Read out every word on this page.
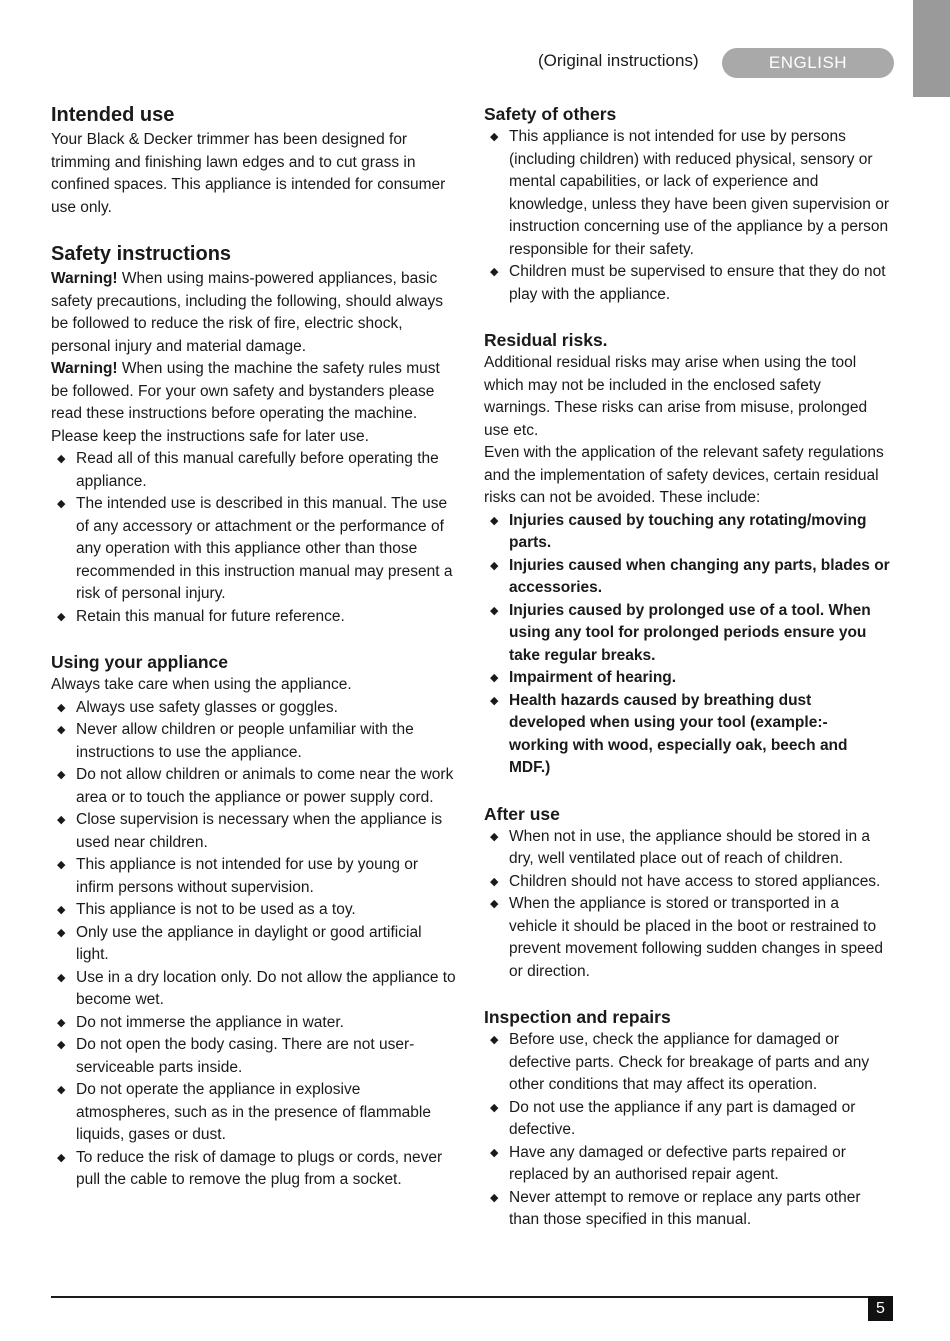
(Original instructions)	ENGLISH
Intended use

Your Black & Decker trimmer has been designed for trimming and finishing lawn edges and to cut grass in confined spaces. This appliance is intended for consumer use only.

Safety instructions

Warning! When using mains-powered appliances, basic safety precautions, including the following, should always be followed to reduce the risk of fire, electric shock, personal injury and material damage.

Warning! When using the machine the safety rules must be followed. For your own safety and bystanders please read these instructions before operating the machine. Please keep the instructions safe for later use.

◆ Read all of this manual carefully before operating the appliance.
◆ The intended use is described in this manual. The use of any accessory or attachment or the performance of any operation with this appliance other than those recommended in this instruction manual may present a risk of personal injury.
◆ Retain this manual for future reference.
Using your appliance

Always take care when using the appliance.

◆ Always use safety glasses or goggles.
◆ Never allow children or people unfamiliar with the instructions to use the appliance.
◆ Do not allow children or animals to come near the work area or to touch the appliance or power supply cord.
◆ Close supervision is necessary when the appliance is used near children.
◆ This appliance is not intended for use by young or infirm persons without supervision.
◆ This appliance is not to be used as a toy.
◆ Only use the appliance in daylight or good artificial light.
◆ Use in a dry location only. Do not allow the appliance to become wet.
◆ Do not immerse the appliance in water.
◆ Do not open the body casing. There are not user-serviceable parts inside.
◆ Do not operate the appliance in explosive atmospheres, such as in the presence of flammable liquids, gases or dust.
◆ To reduce the risk of damage to plugs or cords, never pull the cable to remove the plug from a socket.
Safety of others
◆ This appliance is not intended for use by persons (including children) with reduced physical, sensory or mental capabilities, or lack of experience and knowledge, unless they have been given supervision or instruction concerning use of the appliance by a person responsible for their safety.
◆ Children must be supervised to ensure that they do not play with the appliance.
Residual risks.

Additional residual risks may arise when using the tool which may not be included in the enclosed safety warnings. These risks can arise from misuse, prolonged use etc.

Even with the application of the relevant safety regulations and the implementation of safety devices, certain residual risks can not be avoided. These include:

◆ Injuries caused by touching any rotating/moving parts.
◆ Injuries caused when changing any parts, blades or accessories.
◆ Injuries caused by prolonged use of a tool. When using any tool for prolonged periods ensure you take regular breaks.
◆ Impairment of hearing.
◆ Health hazards caused by breathing dust developed when using your tool (example:- working with wood, especially oak, beech and MDF.)
After use
◆ When not in use, the appliance should be stored in a dry, well ventilated place out of reach of children.
◆ Children should not have access to stored appliances.
◆ When the appliance is stored or transported in a vehicle it should be placed in the boot or restrained to prevent movement following sudden changes in speed or direction.
Inspection and repairs
◆ Before use, check the appliance for damaged or defective parts. Check for breakage of parts and any other conditions that may affect its operation.
◆ Do not use the appliance if any part is damaged or defective.
◆ Have any damaged or defective parts repaired or replaced by an authorised repair agent.
◆ Never attempt to remove or replace any parts other than those specified in this manual.
5
